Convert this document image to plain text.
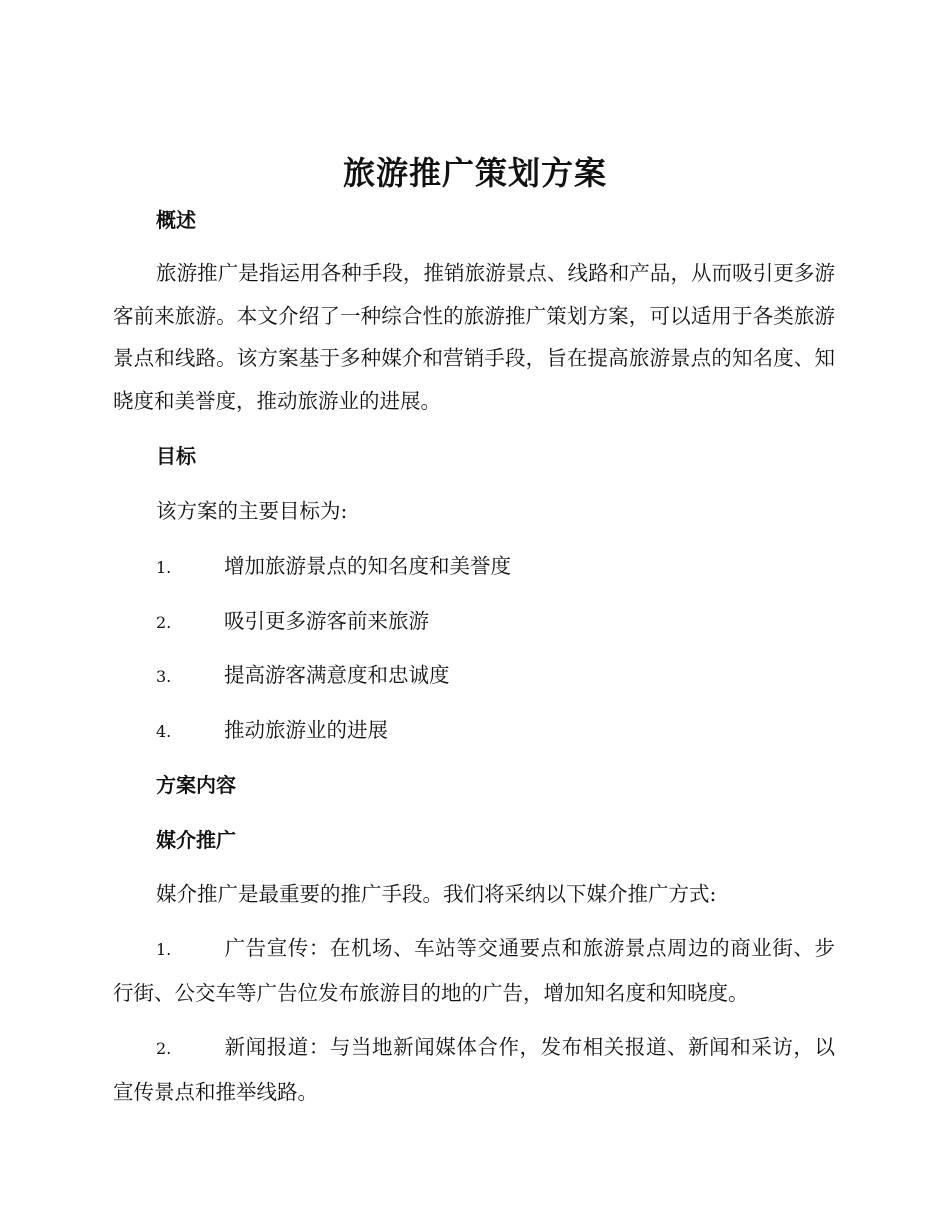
旅游推广策划方案
概述
旅游推广是指运用各种手段，推销旅游景点、线路和产品，从而吸引更多游客前来旅游。本文介绍了一种综合性的旅游推广策划方案，可以适用于各类旅游景点和线路。该方案基于多种媒介和营销手段，旨在提高旅游景点的知名度、知晓度和美誉度，推动旅游业的进展。
目标
该方案的主要目标为:
1.	增加旅游景点的知名度和美誉度
2.	吸引更多游客前来旅游
3.	提高游客满意度和忠诚度
4.	推动旅游业的进展
方案内容
媒介推广
媒介推广是最重要的推广手段。我们将采纳以下媒介推广方式:
1.	广告宣传：在机场、车站等交通要点和旅游景点周边的商业街、步行街、公交车等广告位发布旅游目的地的广告，增加知名度和知晓度。
2.	新闻报道：与当地新闻媒体合作，发布相关报道、新闻和采访，以宣传景点和推举线路。
